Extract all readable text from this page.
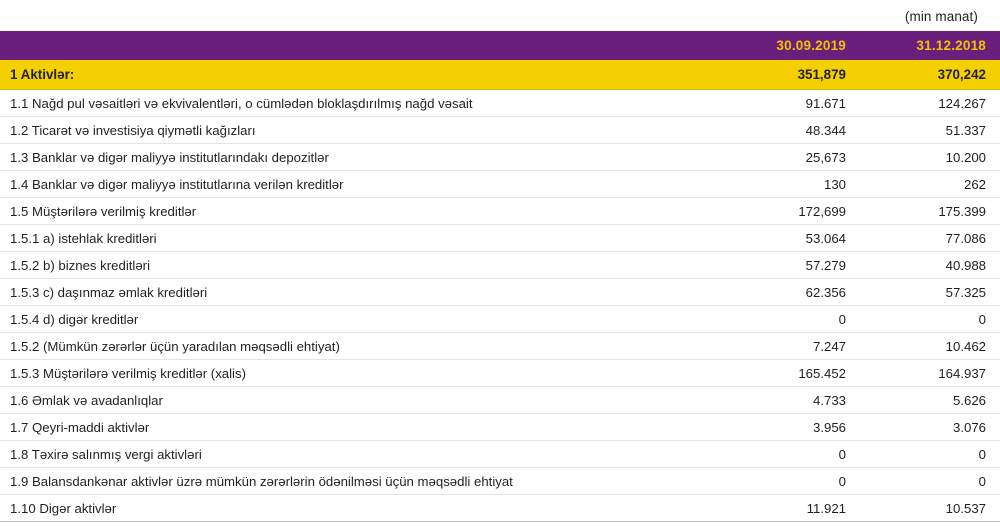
(min manat)
	30.09.2019	31.12.2018
1 Aktivlər:	351,879	370,242
1.1 Nağd pul vəsaitləri və ekvivalentləri, o cümlədən bloklaşdırılmış nağd vəsait	91.671	124.267
1.2 Ticarət və investisiya qiymətli kağızları	48.344	51.337
1.3 Banklar və digər maliyyə institutlarındakı depozitlər	25,673	10.200
1.4 Banklar və digər maliyyə institutlarına verilən kreditlər	130	262
1.5 Müştərilərə verilmiş kreditlər	172,699	175.399
1.5.1 a) istehlak kreditləri	53.064	77.086
1.5.2 b) biznes kreditləri	57.279	40.988
1.5.3 c) daşınmaz əmlak kreditləri	62.356	57.325
1.5.4 d) digər kreditlər	0	0
1.5.2 (Mümkün zərərlər üçün yaradılan məqsədli ehtiyat)	7.247	10.462
1.5.3 Müştərilərə verilmiş kreditlər (xalis)	165.452	164.937
1.6 Əmlak və avadanlıqlar	4.733	5.626
1.7 Qeyri-maddi aktivlər	3.956	3.076
1.8 Təxirə salınmış vergi aktivləri	0	0
1.9 Balansdankənar aktivlər üzrə mümkün zərərlərin ödənilməsi üçün məqsədli ehtiyat	0	0
1.10 Digər aktivlər	11.921	10.537
